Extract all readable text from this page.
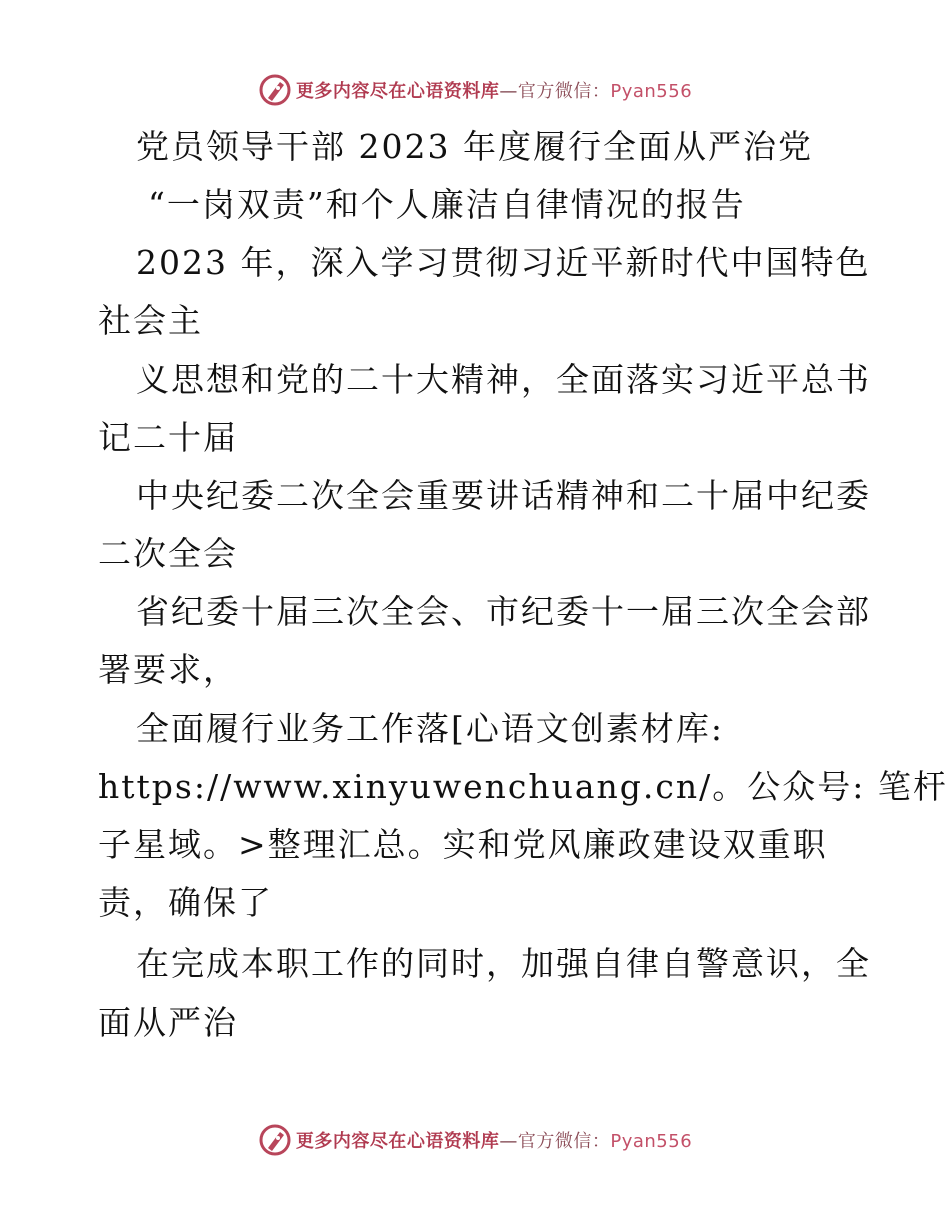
更多内容尽在心语资料库—官方微信：Pyan556
党员领导干部 2023 年度履行全面从严治党
“一岗双责”和个人廉洁自律情况的报告
2023 年，深入学习贯彻习近平新时代中国特色
社会主
义思想和党的二十大精神，全面落实习近平总书
记二十届
中央纪委二次全会重要讲话精神和二十届中纪委
二次全会
省纪委十届三次全会、市纪委十一届三次全会部
署要求，
全面履行业务工作落[心语文创素材库:
https://www.xinyuwenchuang.cn/。公众号: 笔杆
子星域。>整理汇总。实和党风廉政建设双重职
责，确保了
在完成本职工作的同时，加强自律自警意识，全
面从严治
更多内容尽在心语资料库—官方微信：Pyan556
